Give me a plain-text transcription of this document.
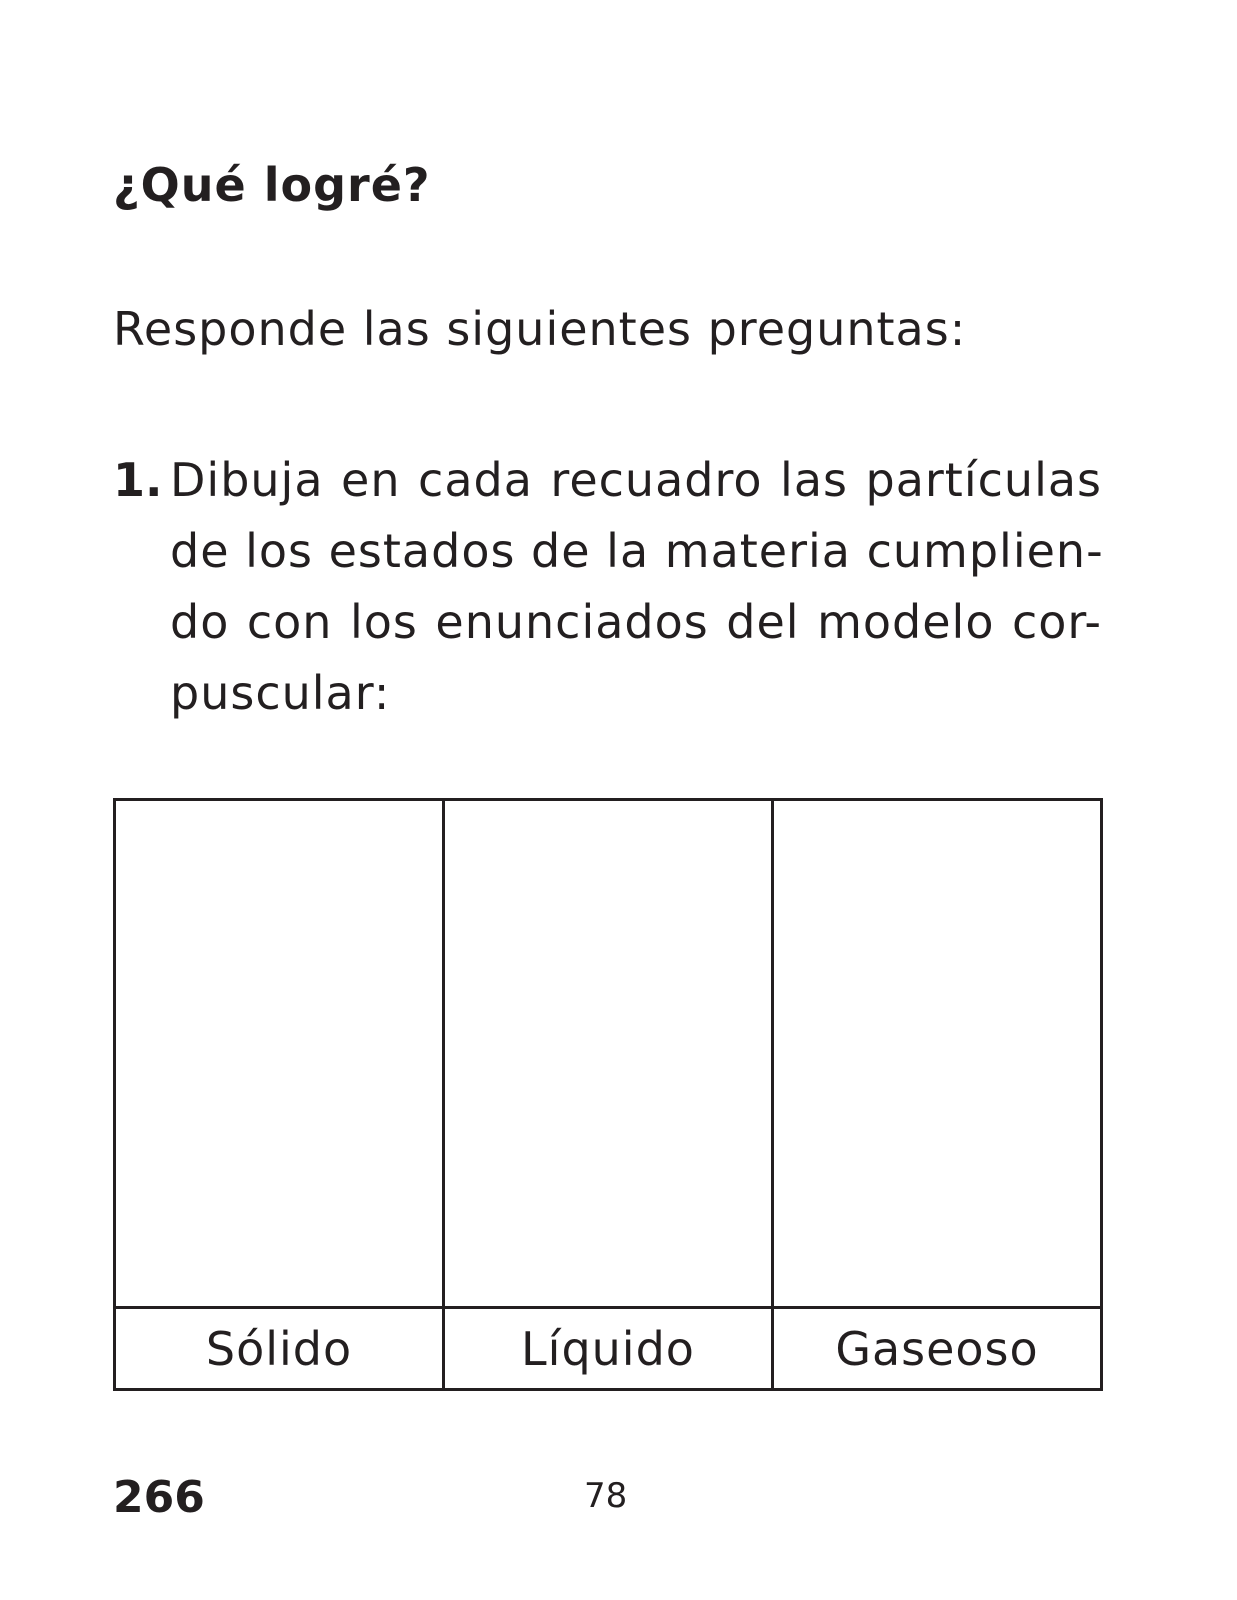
¿Qué logré?

Responde las siguientes preguntas:

1. Dibuja en cada recuadro las partículas
de los estados de la materia cumplien-
do con los enunciados del modelo cor-
puscular:

Sólido	Líquido	Gaseoso
266	78
